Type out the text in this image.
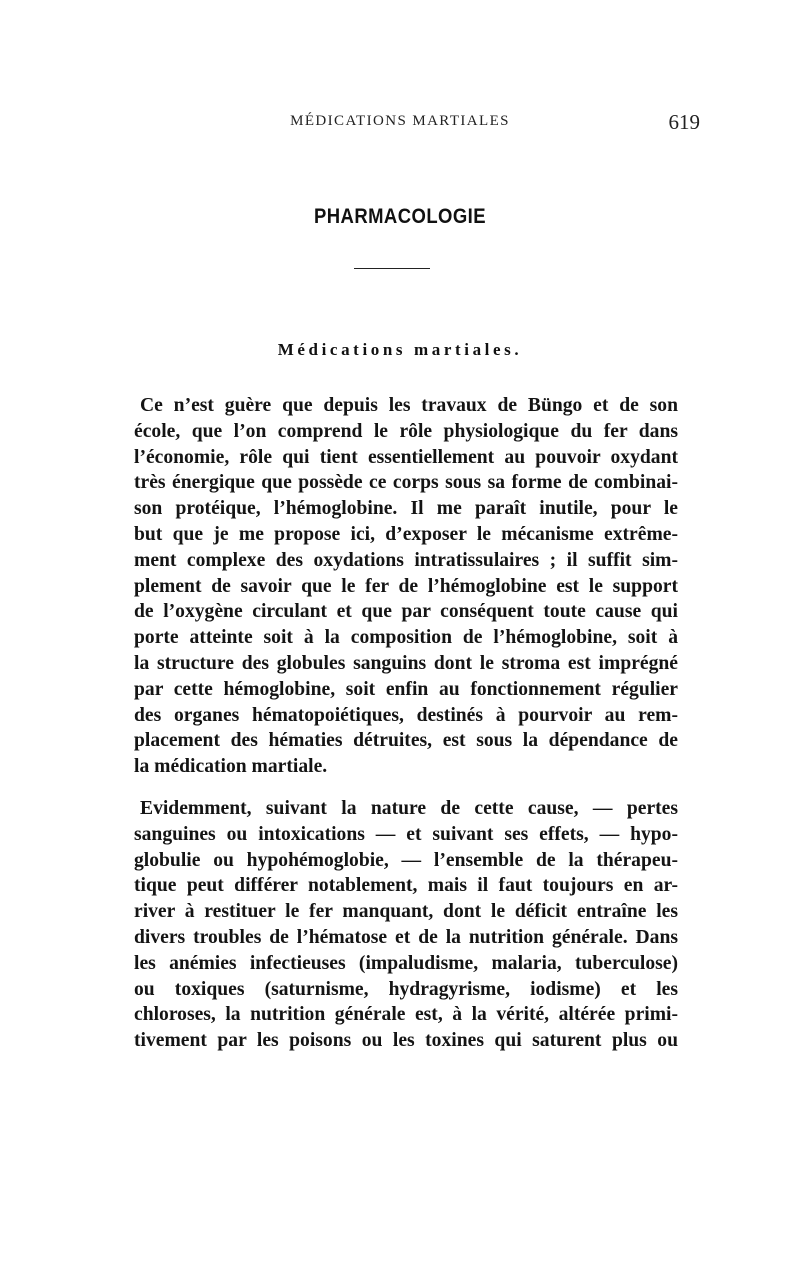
MÉDICATIONS MARTIALES	619
PHARMACOLOGIE
Médications martiales.
Ce n’est guère que depuis les travaux de Büngo et de son
école, que l’on comprend le rôle physiologique du fer dans
l’économie, rôle qui tient essentiellement au pouvoir oxydant
très énergique que possède ce corps sous sa forme de combinai-
son protéique, l’hémoglobine. Il me paraît inutile, pour le
but que je me propose ici, d’exposer le mécanisme extrême-
ment complexe des oxydations intratissulaires ; il suffit sim-
plement de savoir que le fer de l’hémoglobine est le support
de l’oxygène circulant et que par conséquent toute cause qui
porte atteinte soit à la composition de l’hémoglobine, soit à
la structure des globules sanguins dont le stroma est imprégné
par cette hémoglobine, soit enfin au fonctionnement régulier
des organes hématopoiétiques, destinés à pourvoir au rem-
placement des hématies détruites, est sous la dépendance de
la médication martiale.
Evidemment, suivant la nature de cette cause, — pertes
sanguines ou intoxications — et suivant ses effets, — hypo-
globulie ou hypohémoglobie, — l’ensemble de la thérapeu-
tique peut différer notablement, mais il faut toujours en ar-
river à restituer le fer manquant, dont le déficit entraîne les
divers troubles de l’hématose et de la nutrition générale. Dans
les anémies infectieuses (impaludisme, malaria, tuberculose)
ou toxiques (saturnisme, hydragyrisme, iodisme) et les
chloroses, la nutrition générale est, à la vérité, altérée primi-
tivement par les poisons ou les toxines qui saturent plus ou
